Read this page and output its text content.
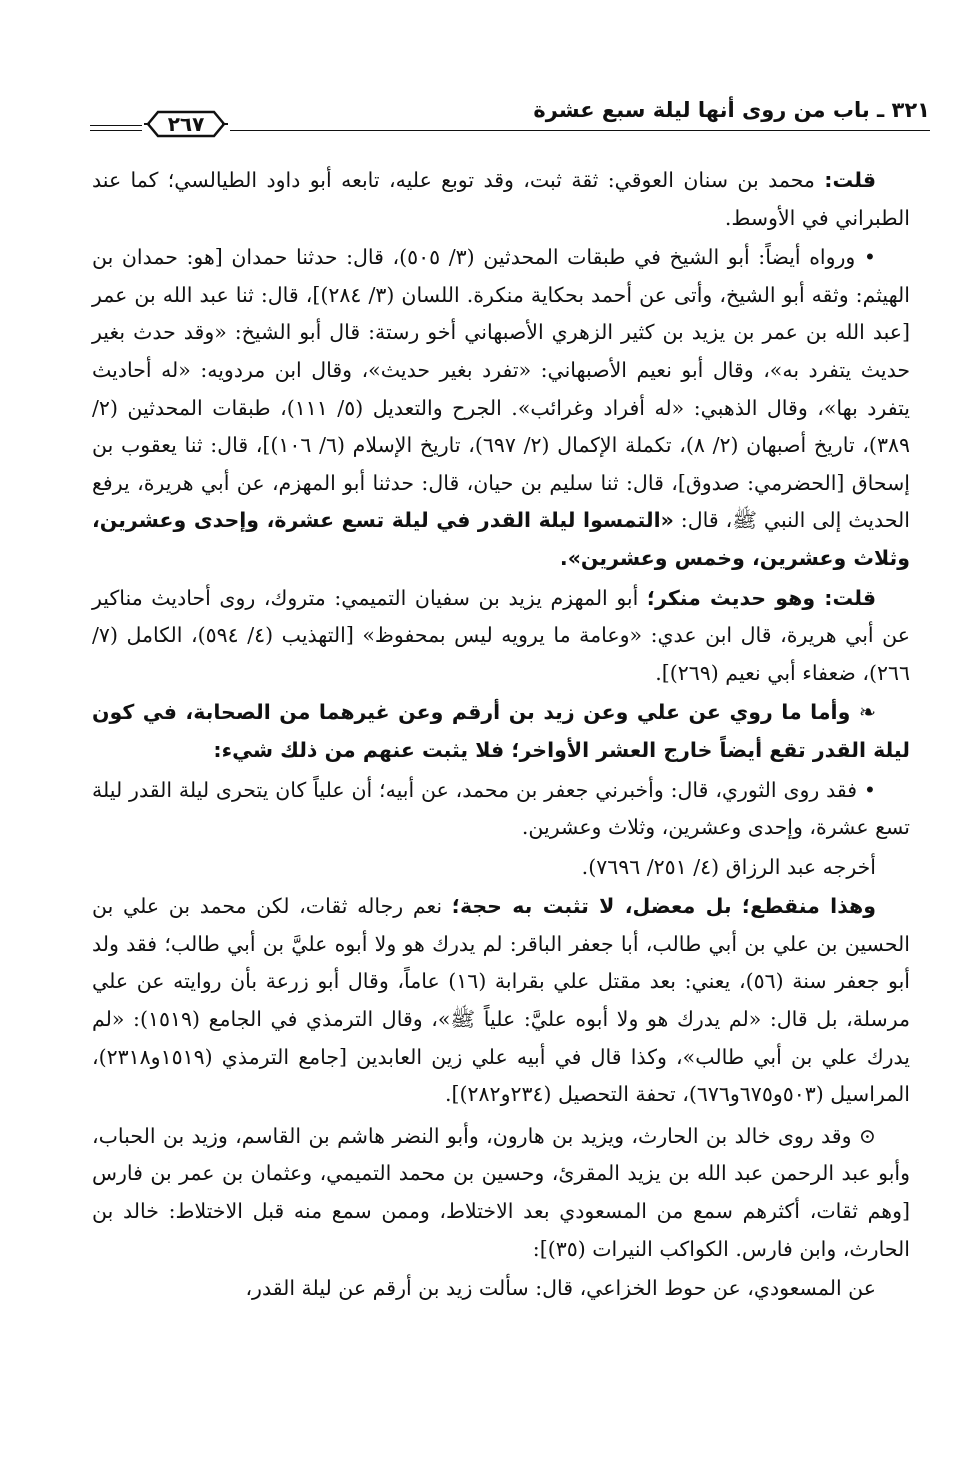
٣٢١ ـ باب من روى أنها ليلة سبع عشرة
٢٦٧

قلت: محمد بن سنان العوقي: ثقة ثبت، وقد توبع عليه، تابعه أبو داود الطيالسي؛ كما عند الطبراني في الأوسط.

• ورواه أيضاً: أبو الشيخ في طبقات المحدثين (٣/ ٥٠٥)، قال: حدثنا حمدان [هو: حمدان بن الهيثم: وثقه أبو الشيخ، وأتى عن أحمد بحكاية منكرة. اللسان (٣/ ٢٨٤)]، قال: ثنا عبد الله بن عمر [عبد الله بن عمر بن يزيد بن كثير الزهري الأصبهاني أخو رستة: قال أبو الشيخ: «وقد حدث بغير حديث يتفرد به»، وقال أبو نعيم الأصبهاني: «تفرد بغير حديث»، وقال ابن مردويه: «له أحاديث يتفرد بها»، وقال الذهبي: «له أفراد وغرائب». الجرح والتعديل (٥/ ١١١)، طبقات المحدثين (٢/ ٣٨٩)، تاريخ أصبهان (٢/ ٨)، تكملة الإكمال (٢/ ٦٩٧)، تاريخ الإسلام (٦/ ١٠٦)]، قال: ثنا يعقوب بن إسحاق [الحضرمي: صدوق]، قال: ثنا سليم بن حيان، قال: حدثنا أبو المهزم، عن أبي هريرة، يرفع الحديث إلى النبي ﷺ، قال: «التمسوا ليلة القدر في ليلة تسع عشرة، وإحدى وعشرين، وثلاث وعشرين، وخمس وعشرين».

قلت: وهو حديث منكر؛ أبو المهزم يزيد بن سفيان التميمي: متروك، روى أحاديث مناكير عن أبي هريرة، قال ابن عدي: «وعامة ما يرويه ليس بمحفوظ» [التهذيب (٤/ ٥٩٤)، الكامل (٧/ ٢٦٦)، ضعفاء أبي نعيم (٢٦٩)].

❧ وأما ما روي عن علي وعن زيد بن أرقم وعن غيرهما من الصحابة، في كون ليلة القدر تقع أيضاً خارج العشر الأواخر؛ فلا يثبت عنهم من ذلك شيء:

• فقد روى الثوري، قال: وأخبرني جعفر بن محمد، عن أبيه؛ أن علياً كان يتحرى ليلة القدر ليلة تسع عشرة، وإحدى وعشرين، وثلاث وعشرين.

أخرجه عبد الرزاق (٤/ ٢٥١/ ٧٦٩٦).

وهذا منقطع؛ بل معضل، لا تثبت به حجة؛ نعم رجاله ثقات، لكن محمد بن علي بن الحسين بن علي بن أبي طالب، أبا جعفر الباقر: لم يدرك هو ولا أبوه عليَّ بن أبي طالب؛ فقد ولد أبو جعفر سنة (٥٦)، يعني: بعد مقتل علي بقرابة (١٦) عاماً، وقال أبو زرعة بأن روايته عن علي مرسلة، بل قال: «لم يدرك هو ولا أبوه عليَّ: علياً ﷺ»، وقال الترمذي في الجامع (١٥١٩): «لم يدرك علي بن أبي طالب»، وكذا قال في أبيه علي زين العابدين [جامع الترمذي (١٥١٩و٢٣١٨)، المراسيل (٥٠٣و٦٧٥و٦٧٦)، تحفة التحصيل (٢٣٤و٢٨٢)].

⊙ وقد روى خالد بن الحارث، ويزيد بن هارون، وأبو النضر هاشم بن القاسم، وزيد بن الحباب، وأبو عبد الرحمن عبد الله بن يزيد المقرئ، وحسين بن محمد التميمي، وعثمان بن عمر بن فارس [وهم ثقات، أكثرهم سمع من المسعودي بعد الاختلاط، وممن سمع منه قبل الاختلاط: خالد بن الحارث، وابن فارس. الكواكب النيرات (٣٥)]:

عن المسعودي، عن حوط الخزاعي، قال: سألت زيد بن أرقم عن ليلة القدر،
